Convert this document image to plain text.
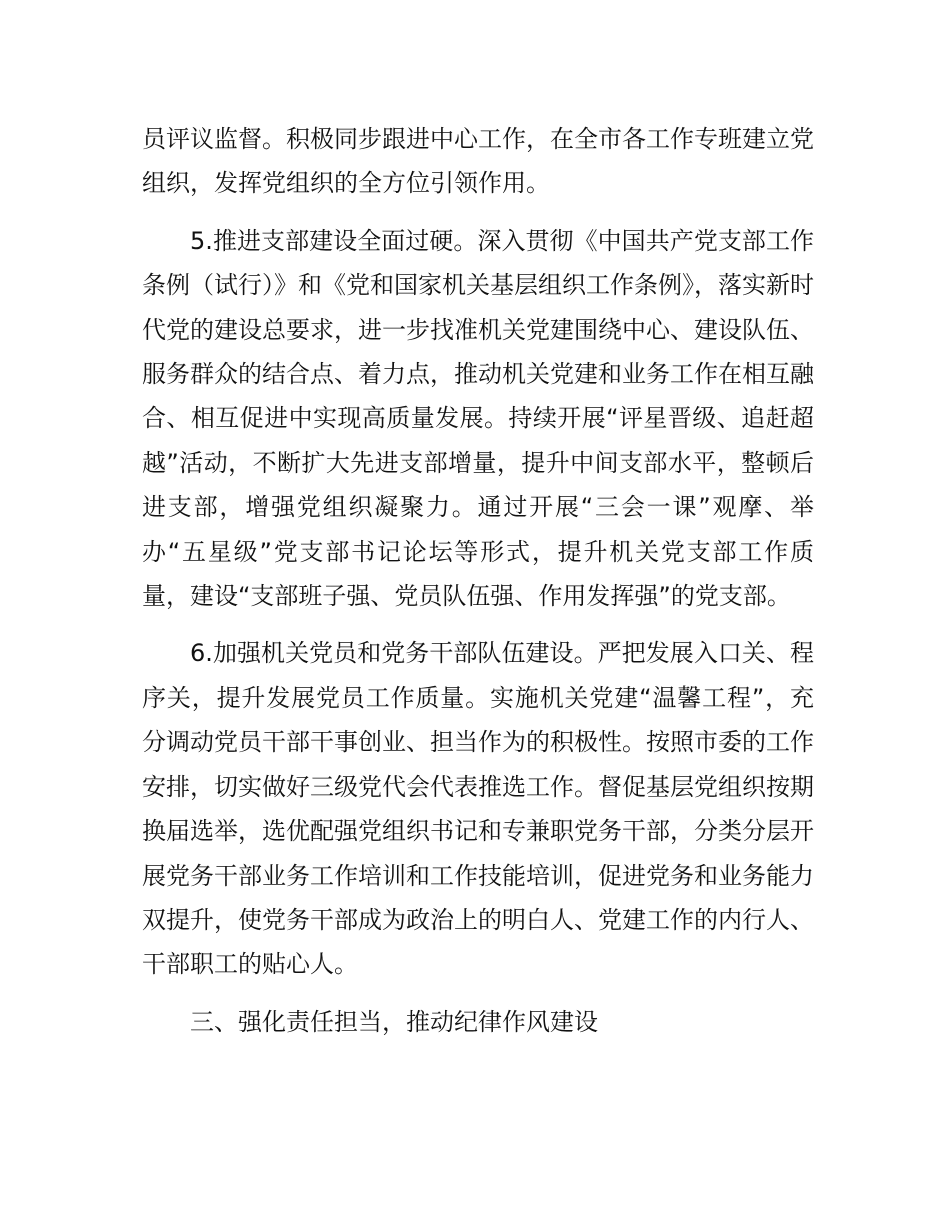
员评议监督。积极同步跟进中心工作，在全市各工作专班建立党组织，发挥党组织的全方位引领作用。

5.推进支部建设全面过硬。深入贯彻《中国共产党支部工作条例（试行）》和《党和国家机关基层组织工作条例》，落实新时代党的建设总要求，进一步找准机关党建围绕中心、建设队伍、服务群众的结合点、着力点，推动机关党建和业务工作在相互融合、相互促进中实现高质量发展。持续开展“评星晋级、追赶超越”活动，不断扩大先进支部增量，提升中间支部水平，整顿后进支部，增强党组织凝聚力。通过开展“三会一课”观摩、举办“五星级”党支部书记论坛等形式，提升机关党支部工作质量，建设“支部班子强、党员队伍强、作用发挥强”的党支部。

6.加强机关党员和党务干部队伍建设。严把发展入口关、程序关，提升发展党员工作质量。实施机关党建“温馨工程”，充分调动党员干部干事创业、担当作为的积极性。按照市委的工作安排，切实做好三级党代会代表推选工作。督促基层党组织按期换届选举，选优配强党组织书记和专兼职党务干部，分类分层开展党务干部业务工作培训和工作技能培训，促进党务和业务能力双提升，使党务干部成为政治上的明白人、党建工作的内行人、干部职工的贴心人。

三、强化责任担当，推动纪律作风建设
